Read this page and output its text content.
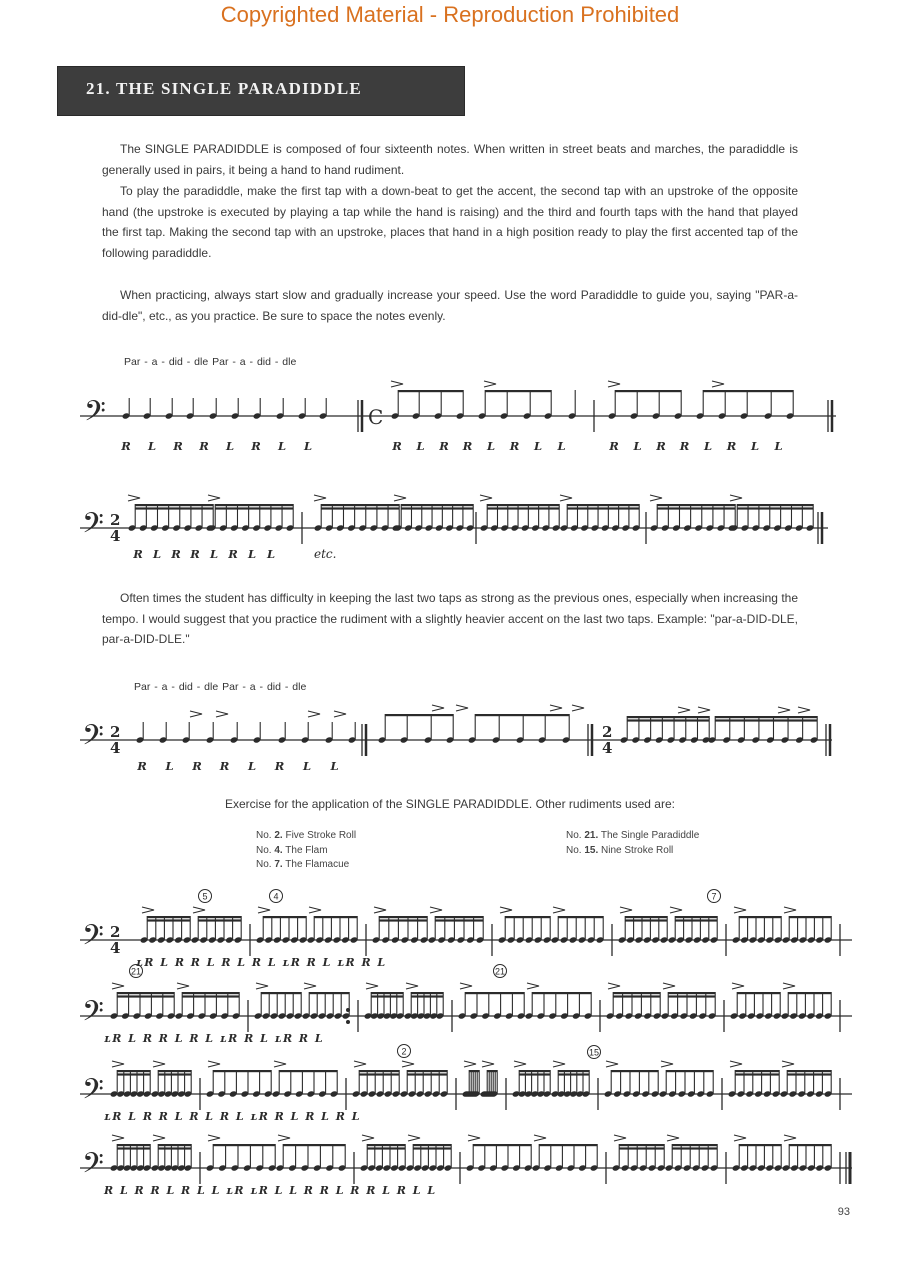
Copyrighted Material - Reproduction Prohibited
21. THE SINGLE PARADIDDLE

The SINGLE PARADIDDLE is composed of four sixteenth notes. When written in street beats and marches, the paradiddle is generally used in pairs, it being a hand to hand rudiment.

To play the paradiddle, make the first tap with a down-beat to get the accent, the second tap with an upstroke of the opposite hand (the upstroke is executed by playing a tap while the hand is raising) and the third and fourth taps with the hand that played the first tap. Making the second tap with an upstroke, places that hand in a high position ready to play the first accented tap of the following paradiddle.

When practicing, always start slow and gradually increase your speed. Use the word Paradiddle to guide you, saying "PAR-a-did-dle", etc., as you practice. Be sure to space the notes evenly.

Par - a - did - dle Par - a - did - dle

Often times the student has difficulty in keeping the last two taps as strong as the previous ones, especially when increasing the tempo. I would suggest that you practice the rudiment with a slightly heavier accent on the last two taps. Example: "par-a-DID-DLE, par-a-DID-DLE."

Par - a - did - dle Par - a - did - dle
Exercise for the application of the SINGLE PARADIDDLE. Other rudiments used are:
No. 2. Five Stroke Roll
No. 4. The Flam
No. 7. The Flamacue
No. 21. The Single Paradiddle
No. 15. Nine Stroke Roll
𝄢	C
R L R R L R L L	R L R R L R L L	R L R R L R L L
𝄢 2
4
R L R R L R L L	etc.
𝄢 2
4
2
4
R L R R L R L L
𝄢 2
4
ʟR L R R L R L R L ʟR R L ʟR R L
𝄢
ʟR L R R L R L ʟR R L ʟR R L
𝄢
ʟR L R R L R L R L ʟR R L R L R L
𝄢
R L R R L R L L ʟR ʟR L L R R L R R L R L L
5	4	7
21
2
21
15
93
